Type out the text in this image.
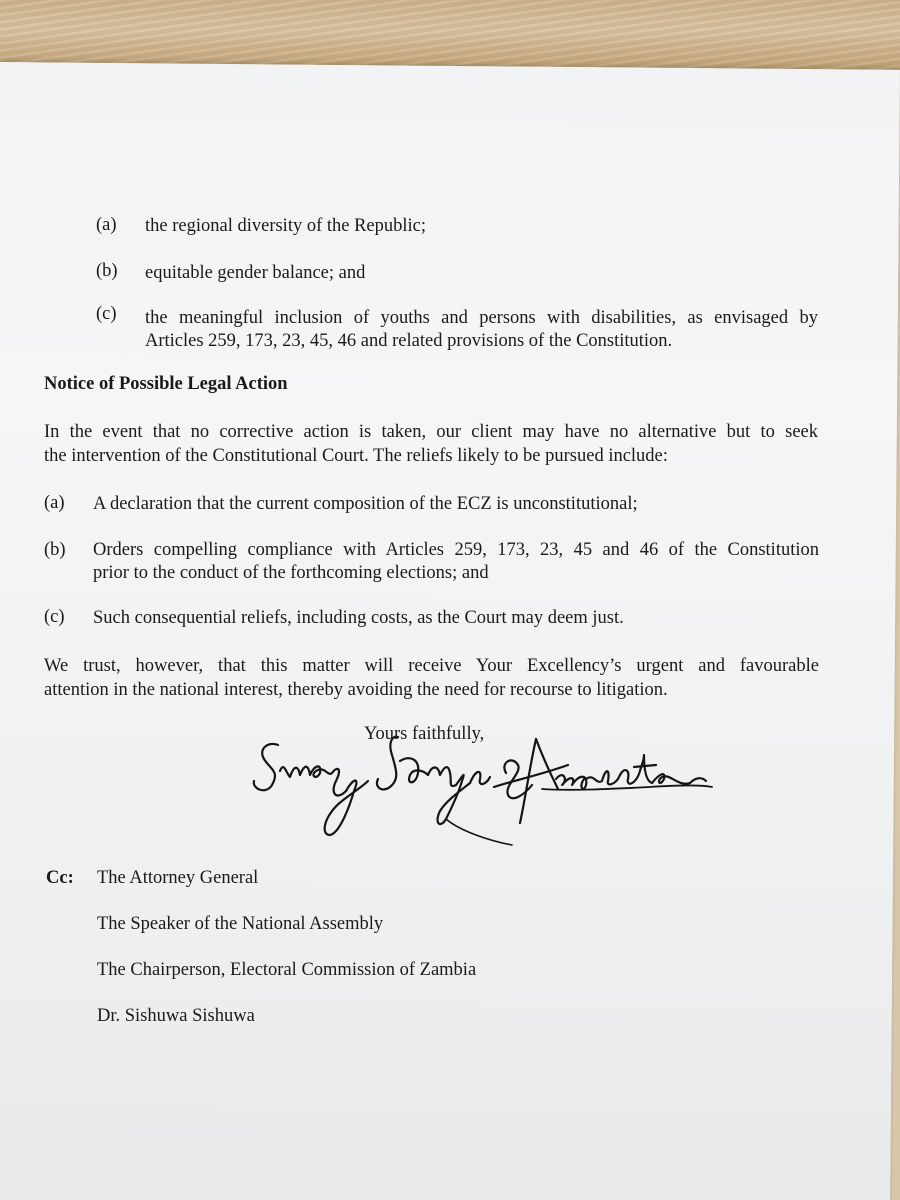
(a) the regional diversity of the Republic;
(b) equitable gender balance; and
(c) the meaningful inclusion of youths and persons with disabilities, as envisaged by
Articles 259, 173, 23, 45, 46 and related provisions of the Constitution.
Notice of Possible Legal Action
In the event that no corrective action is taken, our client may have no alternative but to seek
the intervention of the Constitutional Court. The reliefs likely to be pursued include:
(a) A declaration that the current composition of the ECZ is unconstitutional;
(b) Orders compelling compliance with Articles 259, 173, 23, 45 and 46 of the Constitution
prior to the conduct of the forthcoming elections; and
(c) Such consequential reliefs, including costs, as the Court may deem just.
We trust, however, that this matter will receive Your Excellency’s urgent and favourable
attention in the national interest, thereby avoiding the need for recourse to litigation.
Yours faithfully,
Cc: The Attorney General
The Speaker of the National Assembly
The Chairperson, Electoral Commission of Zambia
Dr. Sishuwa Sishuwa
